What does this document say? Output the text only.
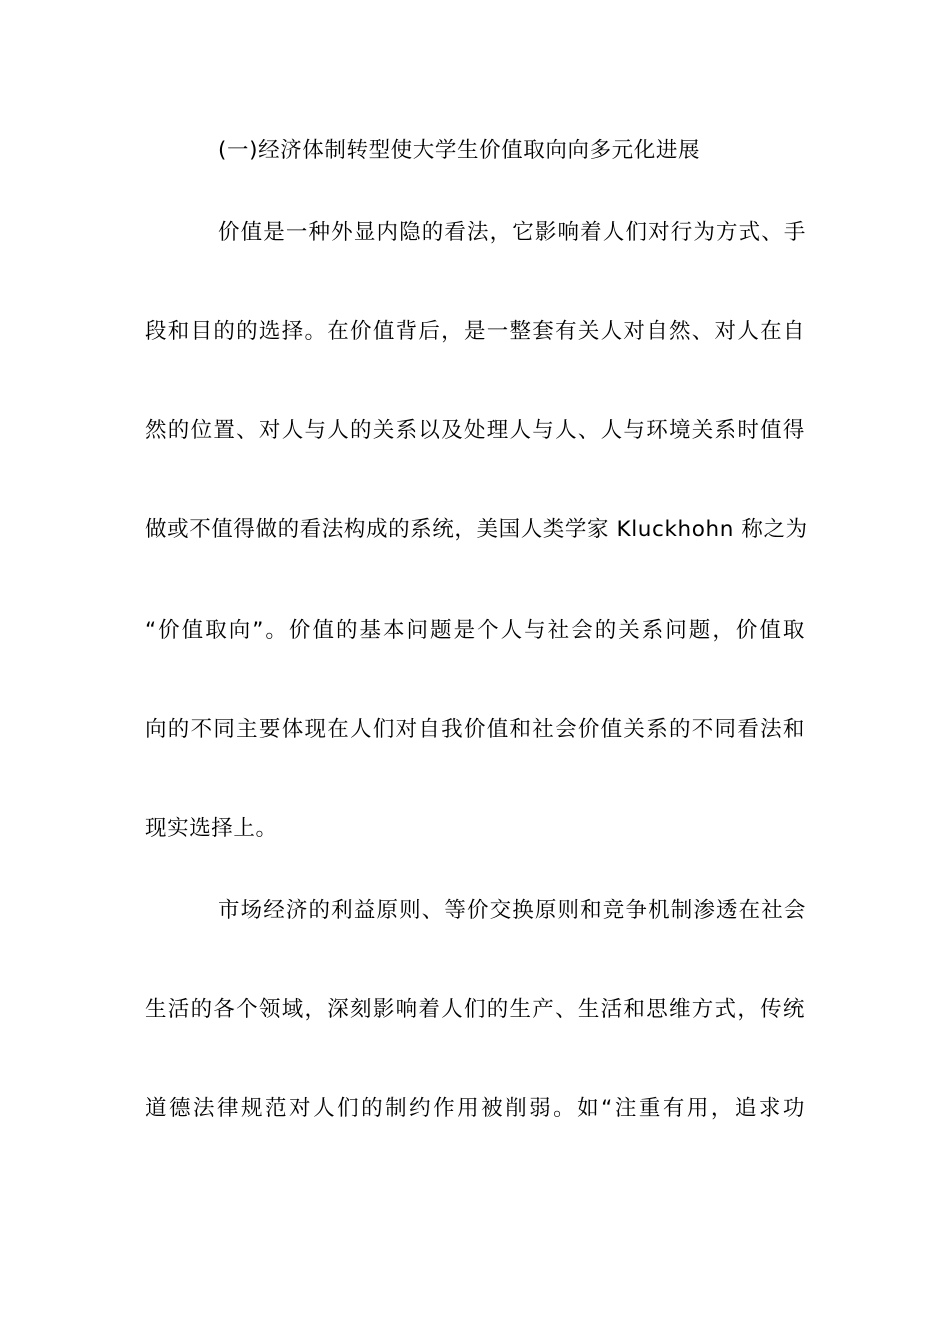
(一)经济体制转型使大学生价值取向向多元化进展
价值是一种外显内隐的看法，它影响着人们对行为方式、手
段和目的的选择。在价值背后，是一整套有关人对自然、对人在自
然的位置、对人与人的关系以及处理人与人、人与环境关系时值得
做或不值得做的看法构成的系统，美国人类学家 Kluckhohn 称之为
“价值取向”。价值的基本问题是个人与社会的关系问题，价值取
向的不同主要体现在人们对自我价值和社会价值关系的不同看法和
现实选择上。
市场经济的利益原则、等价交换原则和竞争机制渗透在社会
生活的各个领域，深刻影响着人们的生产、生活和思维方式，传统
道德法律规范对人们的制约作用被削弱。如“注重有用，追求功
